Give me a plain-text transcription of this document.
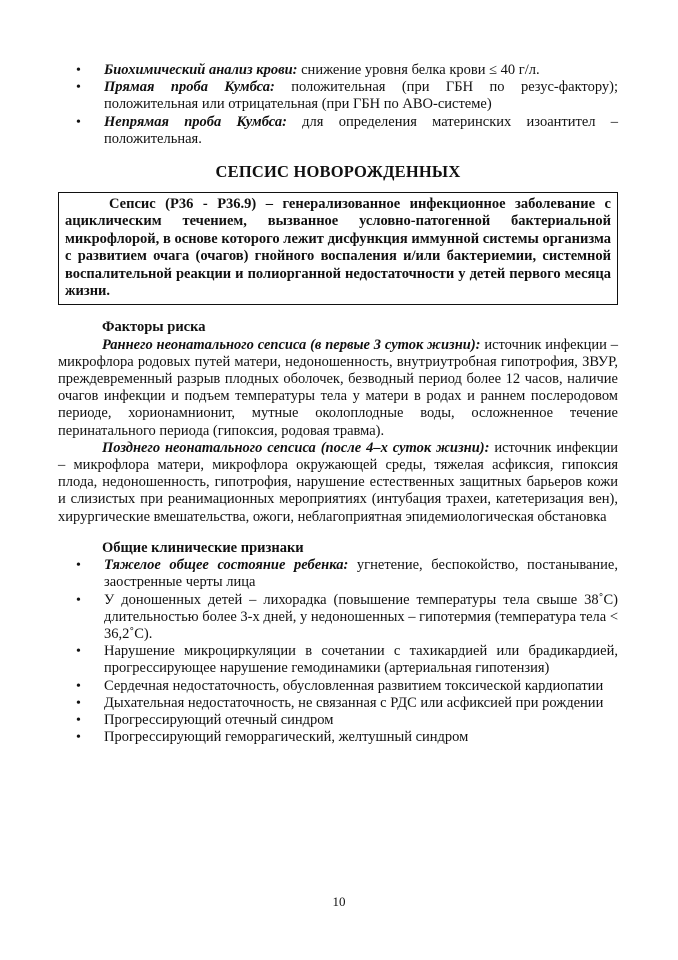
• Биохимический анализ крови: снижение уровня белка крови ≤ 40 г/л.
• Прямая проба Кумбса: положительная (при ГБН по резус-фактору); положительная или отрицательная (при ГБН по АВО-системе)
• Непрямая проба Кумбса: для определения материнских изоантител – положительная.
СЕПСИС НОВОРОЖДЕННЫХ
Сепсис (Р36 - Р36.9) – генерализованное инфекционное заболевание с ациклическим течением, вызванное условно-патогенной бактериальной микрофлорой, в основе которого лежит дисфункция иммунной системы организма с развитием очага (очагов) гнойного воспаления и/или бактериемии, системной воспалительной реакции и полиорганной недостаточности у детей первого месяца жизни.

Факторы риска

Раннего неонатального сепсиса (в первые 3 суток жизни): источник инфекции – микрофлора родовых путей матери, недоношенность, внутриутробная гипотрофия, ЗВУР, преждевременный разрыв плодных оболочек, безводный период более 12 часов, наличие очагов инфекции и подъем температуры тела у матери в родах и раннем послеродовом периоде, хорионамнионит, мутные околоплодные воды, осложненное течение перинатального периода (гипоксия, родовая травма).

Позднего неонатального сепсиса (после 4–х суток жизни): источник инфекции – микрофлора матери, микрофлора окружающей среды, тяжелая асфиксия, гипоксия плода, недоношенность, гипотрофия, нарушение естественных защитных барьеров кожи и слизистых при реанимационных мероприятиях (интубация трахеи, катетеризация вен), хирургические вмешательства, ожоги, неблагоприятная эпидемиологическая обстановка

Общие клинические признаки

• Тяжелое общее состояние ребенка: угнетение, беспокойство, постанывание, заостренные черты лица
• У доношенных детей – лихорадка (повышение температуры тела свыше 38˚С) длительностью более 3-х дней, у недоношенных – гипотермия (температура тела < 36,2˚С).
• Нарушение микроциркуляции в сочетании с тахикардией или брадикардией, прогрессирующее нарушение гемодинамики (артериальная гипотензия)
• Сердечная недостаточность, обусловленная развитием токсической кардиопатии
• Дыхательная недостаточность, не связанная с РДС или асфиксией при рождении
• Прогрессирующий отечный синдром
• Прогрессирующий геморрагический, желтушный синдром
10
